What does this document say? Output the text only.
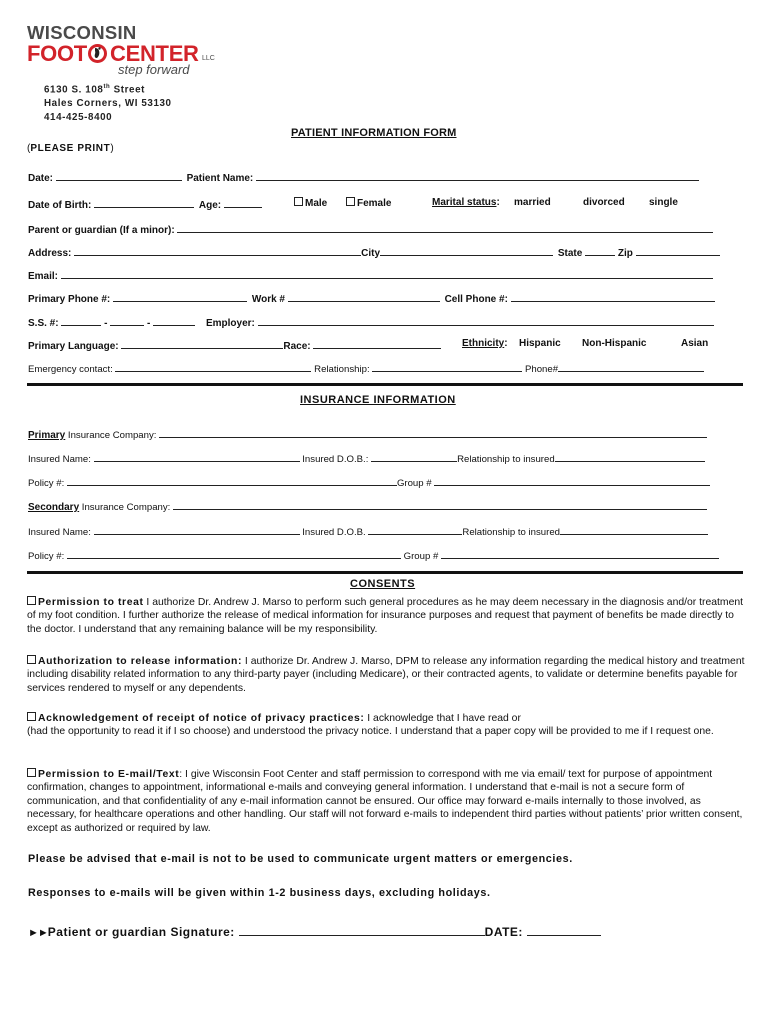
WISCONSIN
FOOT CENTER LLC
step forward
6130 S. 108th Street
Hales Corners, WI 53130
414-425-8400
PATIENT INFORMATION FORM
(PLEASE PRINT)
Date:	Patient Name:
Date of Birth:	Age:	Male	Female	Marital status: married	divorced single
Parent or guardian (If a minor):
Address:	City	State	Zip
Email:
Primary Phone #:	Work #	Cell Phone #:
S.S. #:	-	-	Employer:
Primary Language:	Race:	Ethnicity: Hispanic Non-Hispanic	Asian
Emergency contact:	Relationship:	Phone#
INSURANCE INFORMATION
Primary Insurance Company:
Insured Name:	Insured D.O.B.:	Relationship to insured
Policy #:	Group #
Secondary Insurance Company:
Insured Name:	Insured D.O.B.	Relationship to insured
Policy #:	Group #
CONSENTS
Permission to treat I authorize Dr. Andrew J. Marso to perform such general procedures as he may deem necessary in the diagnosis and/or treatment of my foot condition. I further authorize the release of medical information for insurance purposes and request that payment of benefits be made directly to the doctor. I understand that any remaining balance will be my responsibility.
Authorization to release information: I authorize Dr. Andrew J. Marso, DPM to release any information regarding the medical history and treatment including disability related information to any third-party payer (including Medicare), or their contracted agents, to validate or determine benefits payable for services rendered to myself or any dependents.
Acknowledgement of receipt of notice of privacy practices: I acknowledge that I have read or
(had the opportunity to read it if I so choose) and understood the privacy notice. I understand that a paper copy will be provided to me if I request one.
Permission to E-mail/Text: I give Wisconsin Foot Center and staff permission to correspond with me via email/ text for purpose of appointment confirmation, changes to appointment, informational e-mails and conveying general information. I understand that e-mail is not a secure form of communication, and that confidentiality of any e-mail information cannot be ensured. Our office may forward e-mails internally to those involved, as necessary, for healthcare operations and other handling. Our staff will not forward e-mails to independent third parties without patients’ prior written consent, except as authorized or required by law.
Please be advised that e-mail is not to be used to communicate urgent matters or emergencies.
Responses to e-mails will be given within 1-2 business days, excluding holidays.
►►Patient or guardian Signature:	DATE:
